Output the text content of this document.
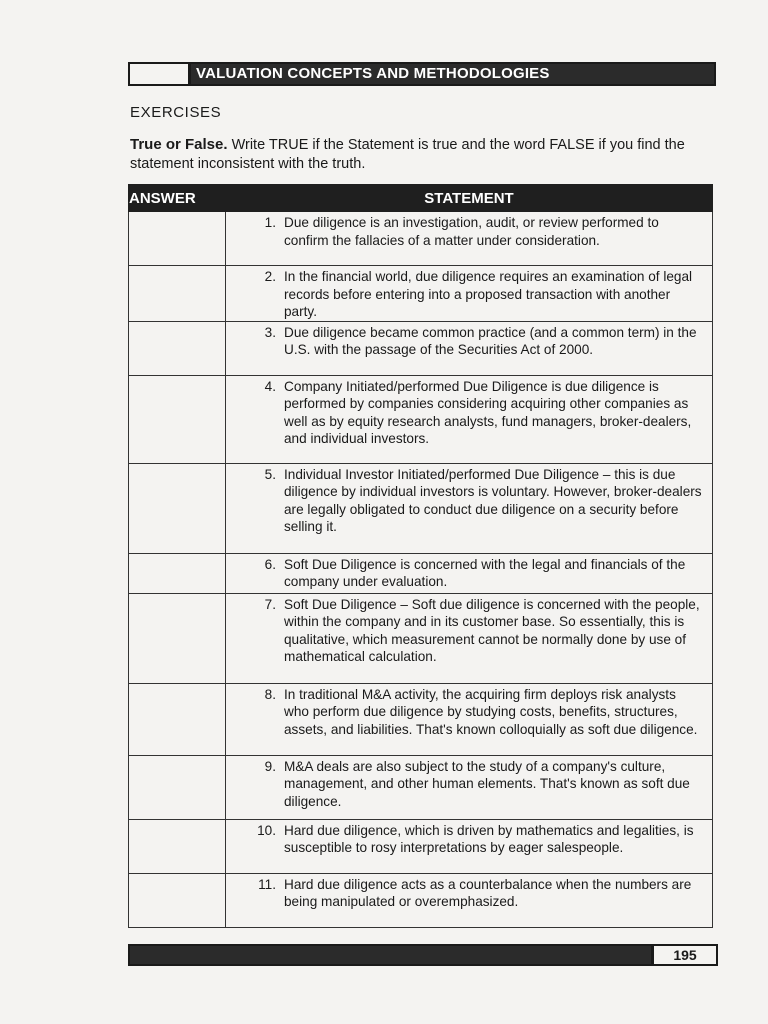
VALUATION CONCEPTS AND METHODOLOGIES
EXERCISES
True or False. Write TRUE if the Statement is true and the word FALSE if you find the statement inconsistent with the truth.
ANSWER	STATEMENT

	1. Due diligence is an investigation, audit, or review performed to confirm the fallacies of a matter under consideration.

	2. In the financial world, due diligence requires an examination of legal records before entering into a proposed transaction with another party.

	3. Due diligence became common practice (and a common term) in the U.S. with the passage of the Securities Act of 2000.

	4. Company Initiated/performed Due Diligence is due diligence is performed by companies considering acquiring other companies as well as by equity research analysts, fund managers, broker-dealers, and individual investors.

	5. Individual Investor Initiated/performed Due Diligence – this is due diligence by individual investors is voluntary. However, broker-dealers are legally obligated to conduct due diligence on a security before selling it.

	6. Soft Due Diligence is concerned with the legal and financials of the company under evaluation.

	7. Soft Due Diligence – Soft due diligence is concerned with the people, within the company and in its customer base. So essentially, this is qualitative, which measurement cannot be normally done by use of mathematical calculation.

	8. In traditional M&A activity, the acquiring firm deploys risk analysts who perform due diligence by studying costs, benefits, structures, assets, and liabilities. That's known colloquially as soft due diligence.

	9. M&A deals are also subject to the study of a company's culture, management, and other human elements. That's known as soft due diligence.

	10. Hard due diligence, which is driven by mathematics and legalities, is susceptible to rosy interpretations by eager salespeople.

	11. Hard due diligence acts as a counterbalance when the numbers are being manipulated or overemphasized.
195
